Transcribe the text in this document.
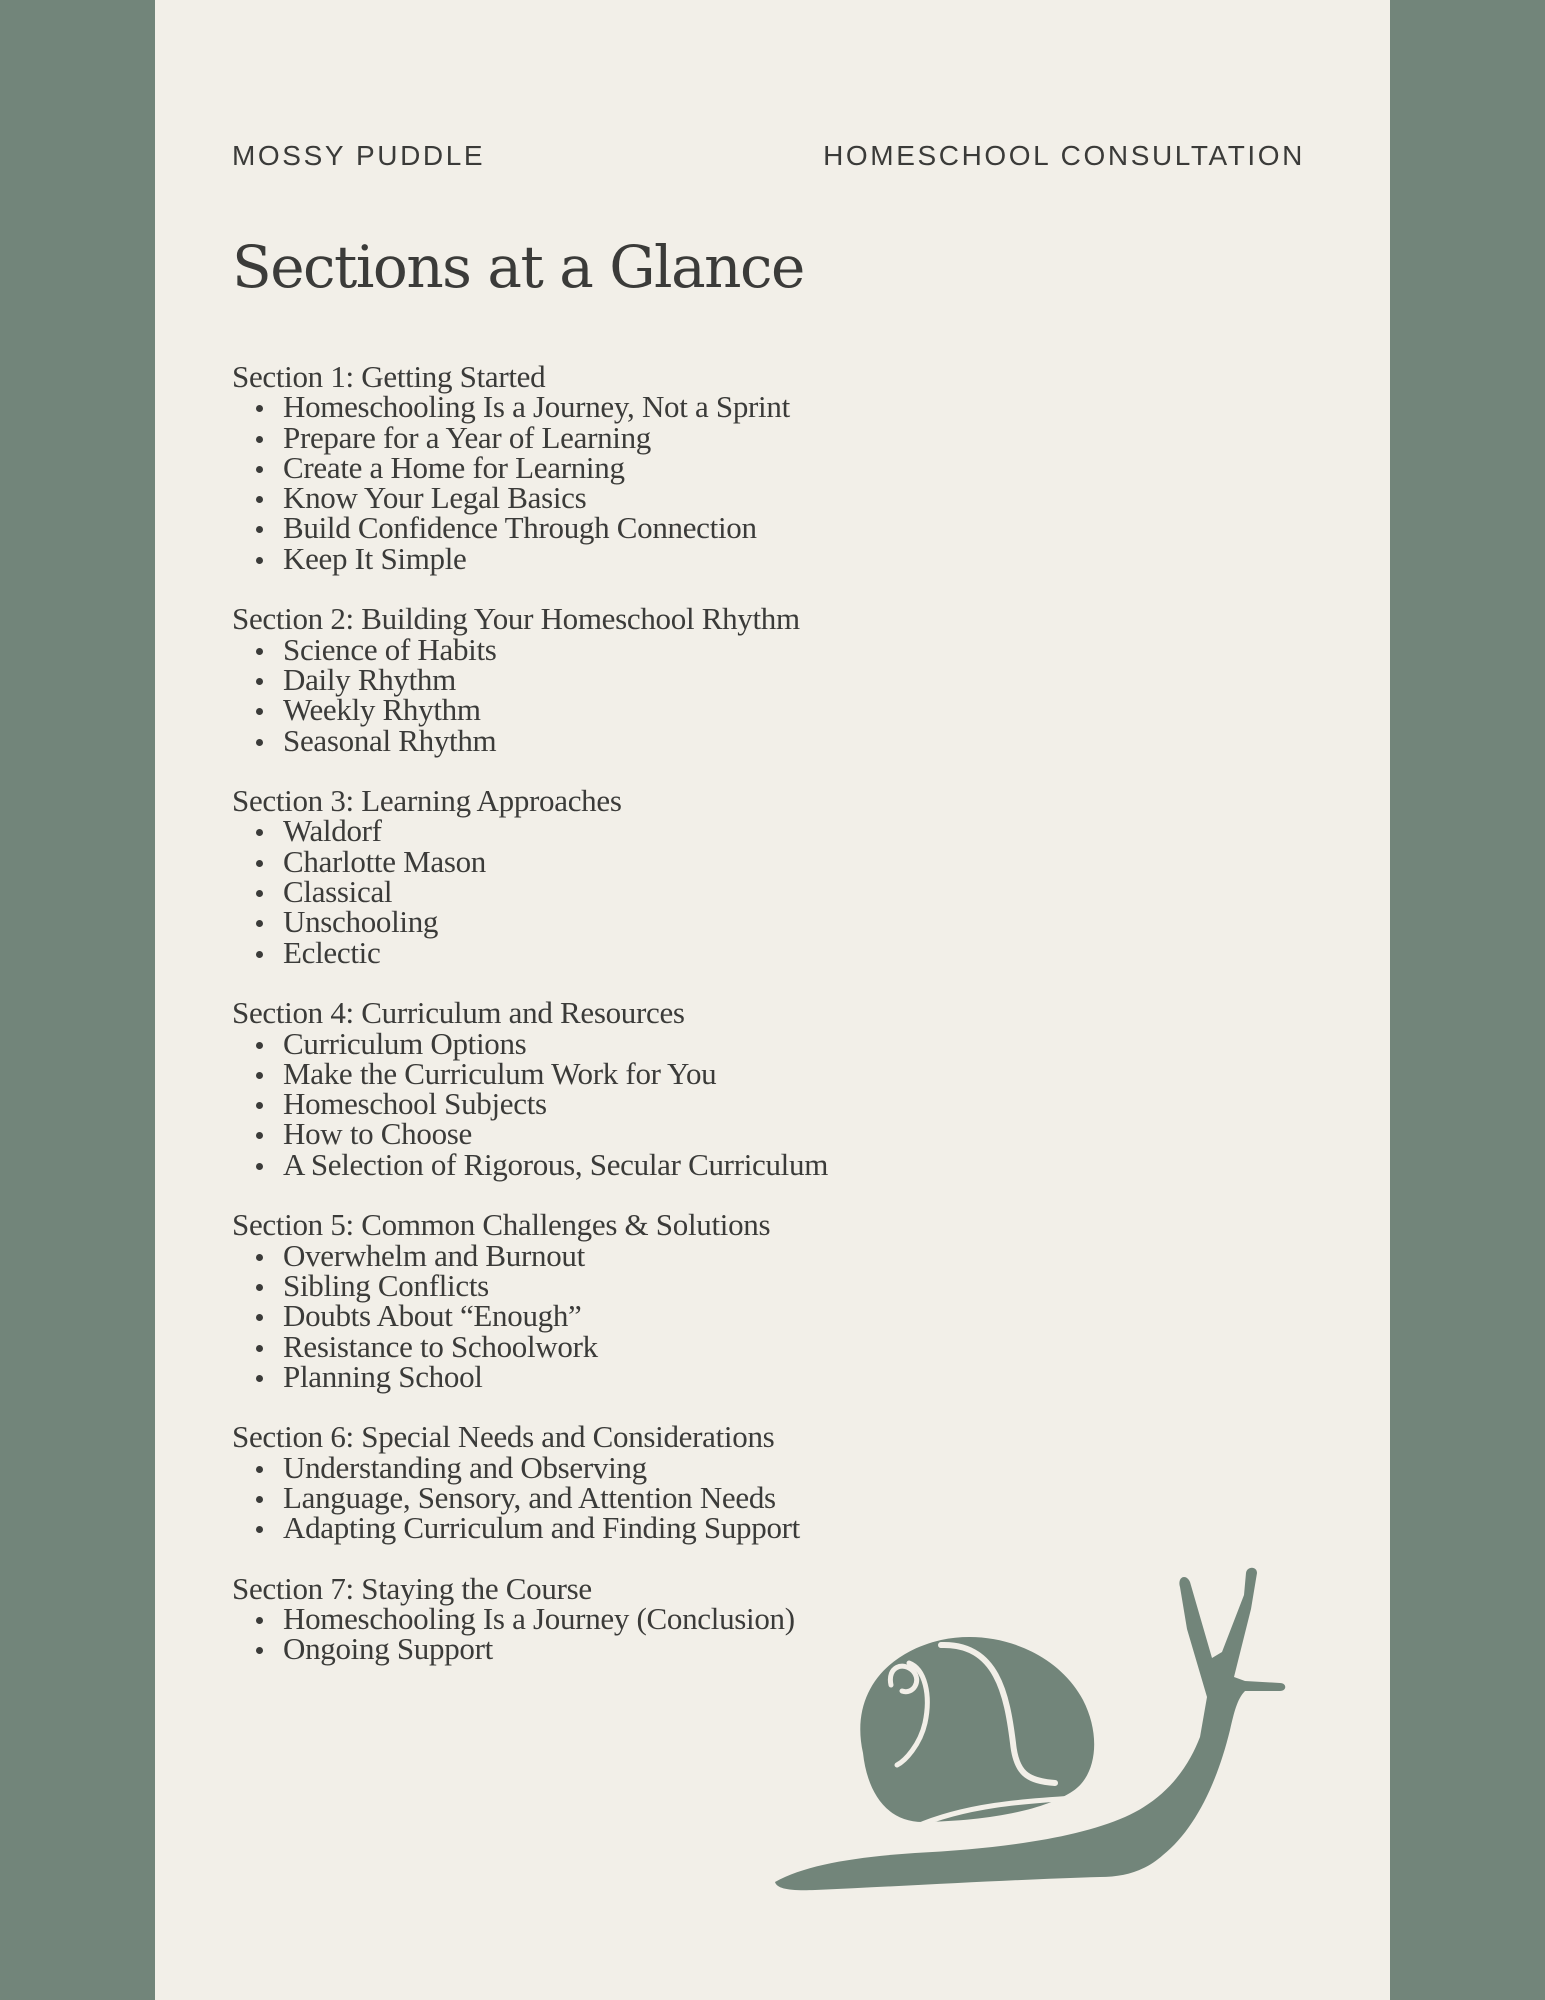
MOSSY PUDDLE	HOMESCHOOL CONSULTATION
Sections at a Glance
Section 1: Getting Started
Homeschooling Is a Journey, Not a Sprint
Prepare for a Year of Learning
Create a Home for Learning
Know Your Legal Basics
Build Confidence Through Connection
Keep It Simple
Section 2: Building Your Homeschool Rhythm
Science of Habits
Daily Rhythm
Weekly Rhythm
Seasonal Rhythm
Section 3: Learning Approaches
Waldorf
Charlotte Mason
Classical
Unschooling
Eclectic
Section 4: Curriculum and Resources
Curriculum Options
Make the Curriculum Work for You
Homeschool Subjects
How to Choose
A Selection of Rigorous, Secular Curriculum
Section 5: Common Challenges & Solutions
Overwhelm and Burnout
Sibling Conflicts
Doubts About “Enough”
Resistance to Schoolwork
Planning School
Section 6: Special Needs and Considerations
Understanding and Observing
Language, Sensory, and Attention Needs
Adapting Curriculum and Finding Support
Section 7: Staying the Course
Homeschooling Is a Journey (Conclusion)
Ongoing Support
